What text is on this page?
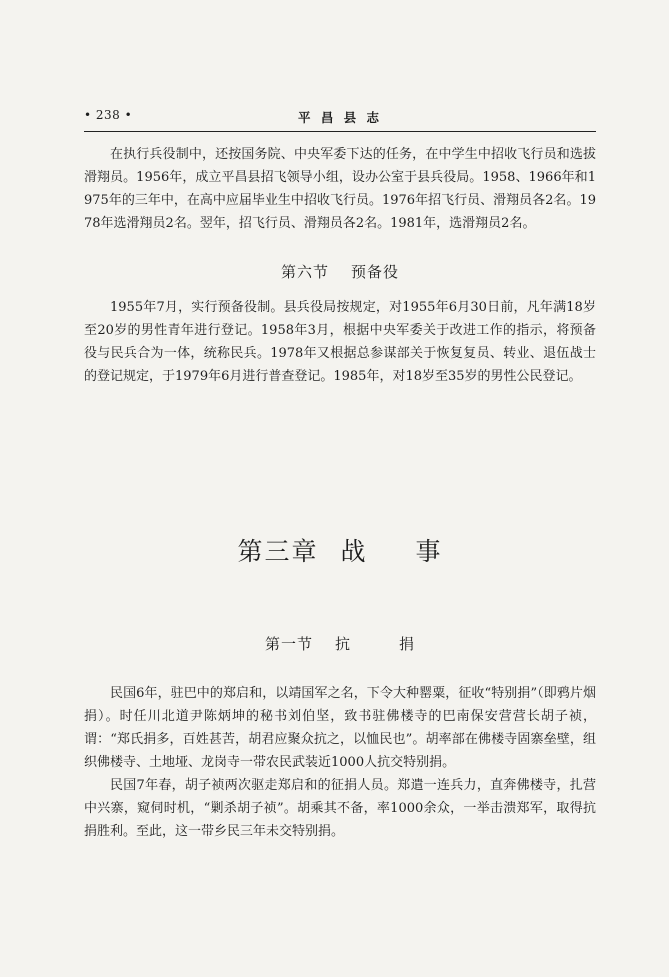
• 238 •	平 昌 县 志

在执行兵役制中，还按国务院、中央军委下达的任务，在中学生中招收飞行员和选拔滑翔员。1956年，成立平昌县招飞领导小组，设办公室于县兵役局。1958、1966年和1975年的三年中，在高中应届毕业生中招收飞行员。1976年招飞行员、滑翔员各2名。1978年选滑翔员2名。翌年，招飞行员、滑翔员各2名。1981年，选滑翔员2名。

第六节 预备役

1955年7月，实行预备役制。县兵役局按规定，对1955年6月30日前，凡年满18岁至20岁的男性青年进行登记。1958年3月，根据中央军委关于改进工作的指示，将预备役与民兵合为一体，统称民兵。1978年又根据总参谋部关于恢复复员、转业、退伍战士的登记规定，于1979年6月进行普查登记。1985年，对18岁至35岁的男性公民登记。

第三章 战 事
第一节 抗	捐

民国6年，驻巴中的郑启和，以靖国军之名，下令大种罂粟，征收“特别捐”（即鸦片烟捐）。时任川北道尹陈炳坤的秘书刘伯坚，致书驻佛楼寺的巴南保安营营长胡子祯，谓：“郑氏捐多，百姓甚苦，胡君应聚众抗之，以恤民也”。胡率部在佛楼寺固寨垒壁，组织佛楼寺、土地垭、龙岗寺一带农民武装近1000人抗交特别捐。

民国7年春，胡子祯两次驱走郑启和的征捐人员。郑遣一连兵力，直奔佛楼寺，扎营中兴寨，窥伺时机，“剿杀胡子祯”。胡乘其不备，率1000余众，一举击溃郑军，取得抗捐胜利。至此，这一带乡民三年未交特别捐。
